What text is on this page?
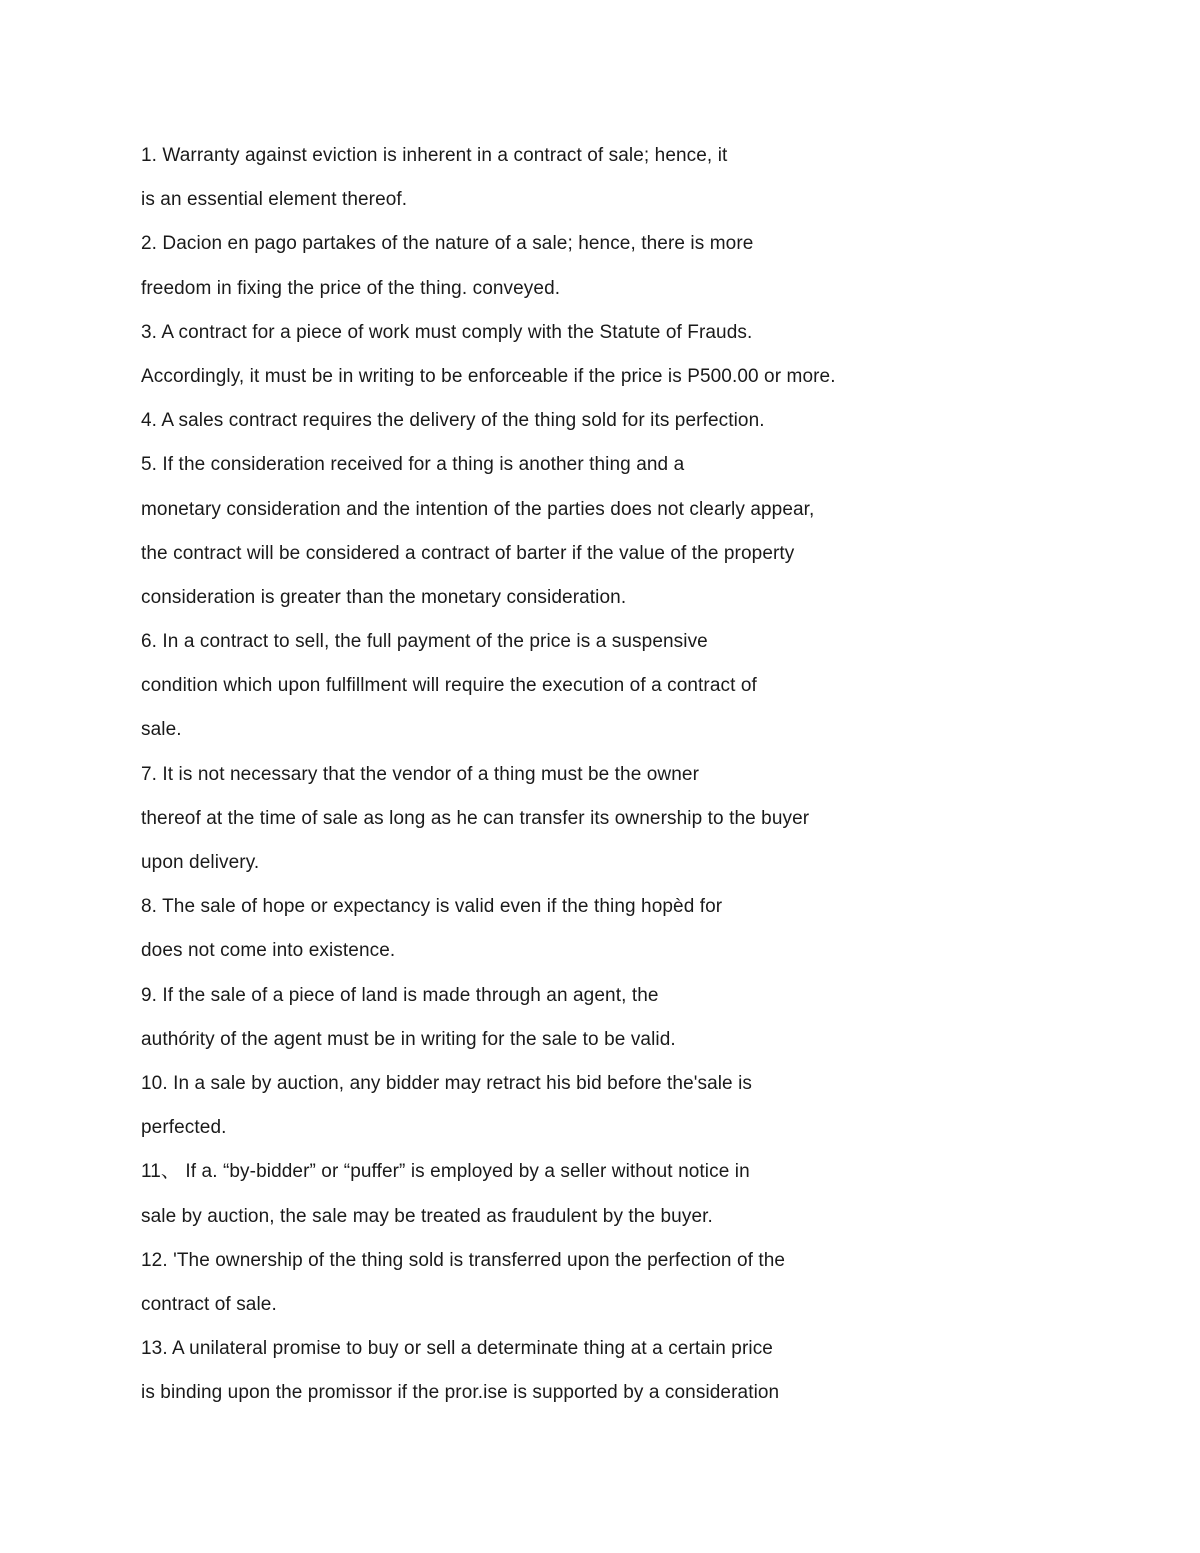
1. Warranty against eviction is inherent in a contract of sale; hence, it
is an essential element thereof.
2. Dacion en pago partakes of the nature of a sale; hence, there is more
freedom in fixing the price of the thing. conveyed.
3. A contract for a piece of work must comply with the Statute of Frauds.
Accordingly, it must be in writing to be enforceable if the price is P500.00 or more.
4. A sales contract requires the delivery of the thing sold for its perfection.
5. If the consideration received for a thing is another thing and a
monetary consideration and the intention of the parties does not clearly appear,
the contract will be considered a contract of barter if the value of the property
consideration is greater than the monetary consideration.
6. In a contract to sell, the full payment of the price is a suspensive
condition which upon fulfillment will require the execution of a contract of
sale.
7. It is not necessary that the vendor of a thing must be the owner
thereof at the time of sale as long as he can transfer its ownership to the buyer
upon delivery.
8. The sale of hope or expectancy is valid even if the thing hopèd for
does not come into existence.
9. If the sale of a piece of land is made through an agent, the
authórity of the agent must be in writing for the sale to be valid.
10. In a sale by auction, any bidder may retract his bid before the'sale is
perfected.
11、 If a. “by-bidder” or “puffer” is employed by a seller without notice in
sale by auction, the sale may be treated as fraudulent by the buyer.
12. 'The ownership of the thing sold is transferred upon the perfection of the
contract of sale.
13. A unilateral promise to buy or sell a determinate thing at a certain price
is binding upon the promissor if the pror.ise is supported by a consideration
